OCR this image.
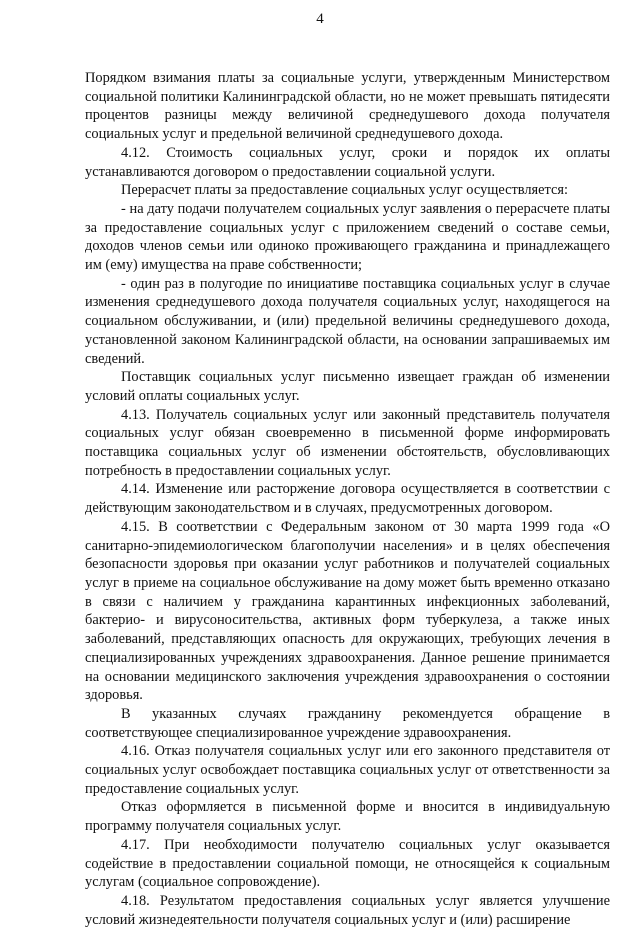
4

Порядком взимания платы за социальные услуги, утвержденным Министерством социальной политики Калининградской области, но не может превышать пятидесяти процентов разницы между величиной среднедушевого дохода получателя социальных услуг и предельной величиной среднедушевого дохода.

4.12. Стоимость социальных услуг, сроки и порядок их оплаты устанавливаются договором о предоставлении социальной услуги.

Перерасчет платы за предоставление социальных услуг осуществляется:

- на дату подачи получателем социальных услуг заявления о перерасчете платы за предоставление социальных услуг с приложением сведений о составе семьи, доходов членов семьи или одиноко проживающего гражданина и принадлежащего им (ему) имущества на праве собственности;

- один раз в полугодие по инициативе поставщика социальных услуг в случае изменения среднедушевого дохода получателя социальных услуг, находящегося на социальном обслуживании, и (или) предельной величины среднедушевого дохода, установленной законом Калининградской области, на основании запрашиваемых им сведений.

Поставщик социальных услуг письменно извещает граждан об изменении условий оплаты социальных услуг.

4.13. Получатель социальных услуг или законный представитель получателя социальных услуг обязан своевременно в письменной форме информировать поставщика социальных услуг об изменении обстоятельств, обусловливающих потребность в предоставлении социальных услуг.

4.14. Изменение или расторжение договора осуществляется в соответствии с действующим законодательством и в случаях, предусмотренных договором.

4.15. В соответствии с Федеральным законом от 30 марта 1999 года «О санитарно-эпидемиологическом благополучии населения» и в целях обеспечения безопасности здоровья при оказании услуг работников и получателей социальных услуг в приеме на социальное обслуживание на дому может быть временно отказано в связи с наличием у гражданина карантинных инфекционных заболеваний, бактерио- и вирусоносительства, активных форм туберкулеза, а также иных заболеваний, представляющих опасность для окружающих, требующих лечения в специализированных учреждениях здравоохранения. Данное решение принимается на основании медицинского заключения учреждения здравоохранения о состоянии здоровья.

В указанных случаях гражданину рекомендуется обращение в соответствующее специализированное учреждение здравоохранения.

4.16. Отказ получателя социальных услуг или его законного представителя от социальных услуг освобождает поставщика социальных услуг от ответственности за предоставление социальных услуг.

Отказ оформляется в письменной форме и вносится в индивидуальную программу получателя социальных услуг.

4.17. При необходимости получателю социальных услуг оказывается содействие в предоставлении социальной помощи, не относящейся к социальным услугам (социальное сопровождение).

4.18. Результатом предоставления социальных услуг является улучшение условий жизнедеятельности получателя социальных услуг и (или) расширение
